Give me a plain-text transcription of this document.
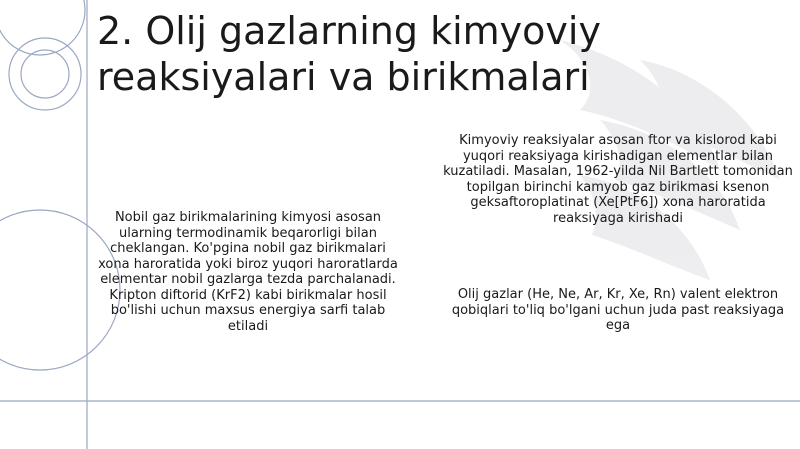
2. Olij gazlarning kimyoviy reaksiyalari va birikmalari

Nobil gaz birikmalarining kimyosi asosan ularning termodinamik beqarorligi bilan cheklangan. Ko'pgina nobil gaz birikmalari xona haroratida yoki biroz yuqori haroratlarda elementar nobil gazlarga tezda parchalanadi. Kripton diftorid (KrF2) kabi birikmalar hosil bo'lishi uchun maxsus energiya sarfi talab etiladi

Kimyoviy reaksiyalar asosan ftor va kislorod kabi yuqori reaksiyaga kirishadigan elementlar bilan kuzatiladi. Masalan, 1962-yilda Nil Bartlett tomonidan topilgan birinchi kamyob gaz birikmasi ksenon geksaftoroplatinat (Xe[PtF6]) xona haroratida reaksiyaga kirishadi

Olij gazlar (He, Ne, Ar, Kr, Xe, Rn) valent elektron qobiqlari to'liq bo'lgani uchun juda past reaksiyaga ega
